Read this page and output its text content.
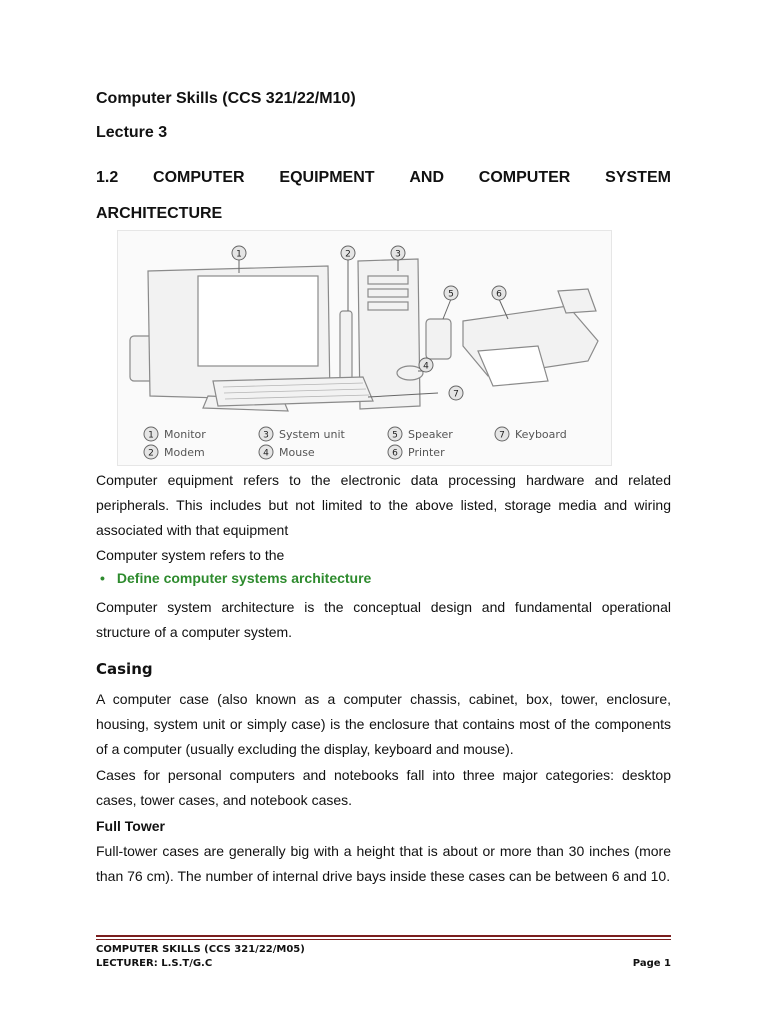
Computer Skills (CCS 321/22/M10)
Lecture 3
1.2 COMPUTER EQUIPMENT AND COMPUTER SYSTEM
ARCHITECTURE
1	2	3
4
5	6
7
1 Monitor
2 Modem
3 System unit
4 Mouse
5 Speaker
6 Printer
7 Keyboard
Computer equipment refers to the electronic data processing hardware and related peripherals. This includes but not limited to the above listed, storage media and wiring associated with that equipment
Computer system refers to the
• Define computer systems architecture
Computer system architecture is the conceptual design and fundamental operational structure of a computer system.
Casing
A computer case (also known as a computer chassis, cabinet, box, tower, enclosure, housing, system unit or simply case) is the enclosure that contains most of the components of a computer (usually excluding the display, keyboard and mouse).
Cases for personal computers and notebooks fall into three major categories: desktop cases, tower cases, and notebook cases.
Full Tower
Full-tower cases are generally big with a height that is about or more than 30 inches (more than 76 cm). The number of internal drive bays inside these cases can be between 6 and 10.
COMPUTER SKILLS (CCS 321/22/M05)
LECTURER: L.S.T/G.C	Page 1
